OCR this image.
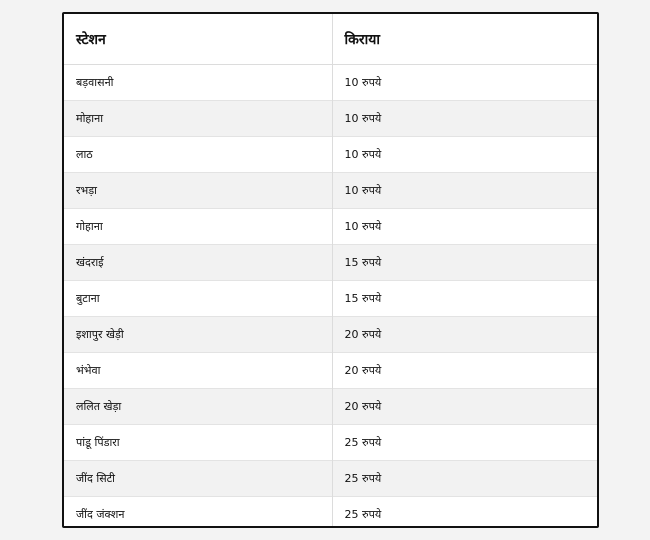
स्टेशन	किराया
बड़वासनी	10 रुपये
मोहाना	10 रुपये
लाठ	10 रुपये
रभड़ा	10 रुपये
गोहाना	10 रुपये
खंदराई	15 रुपये
बुटाना	15 रुपये
इशापुर खेड़ी	20 रुपये
भंभेवा	20 रुपये
ललित खेड़ा	20 रुपये
पांडू पिंडारा	25 रुपये
जींद सिटी	25 रुपये
जींद जंक्शन	25 रुपये
